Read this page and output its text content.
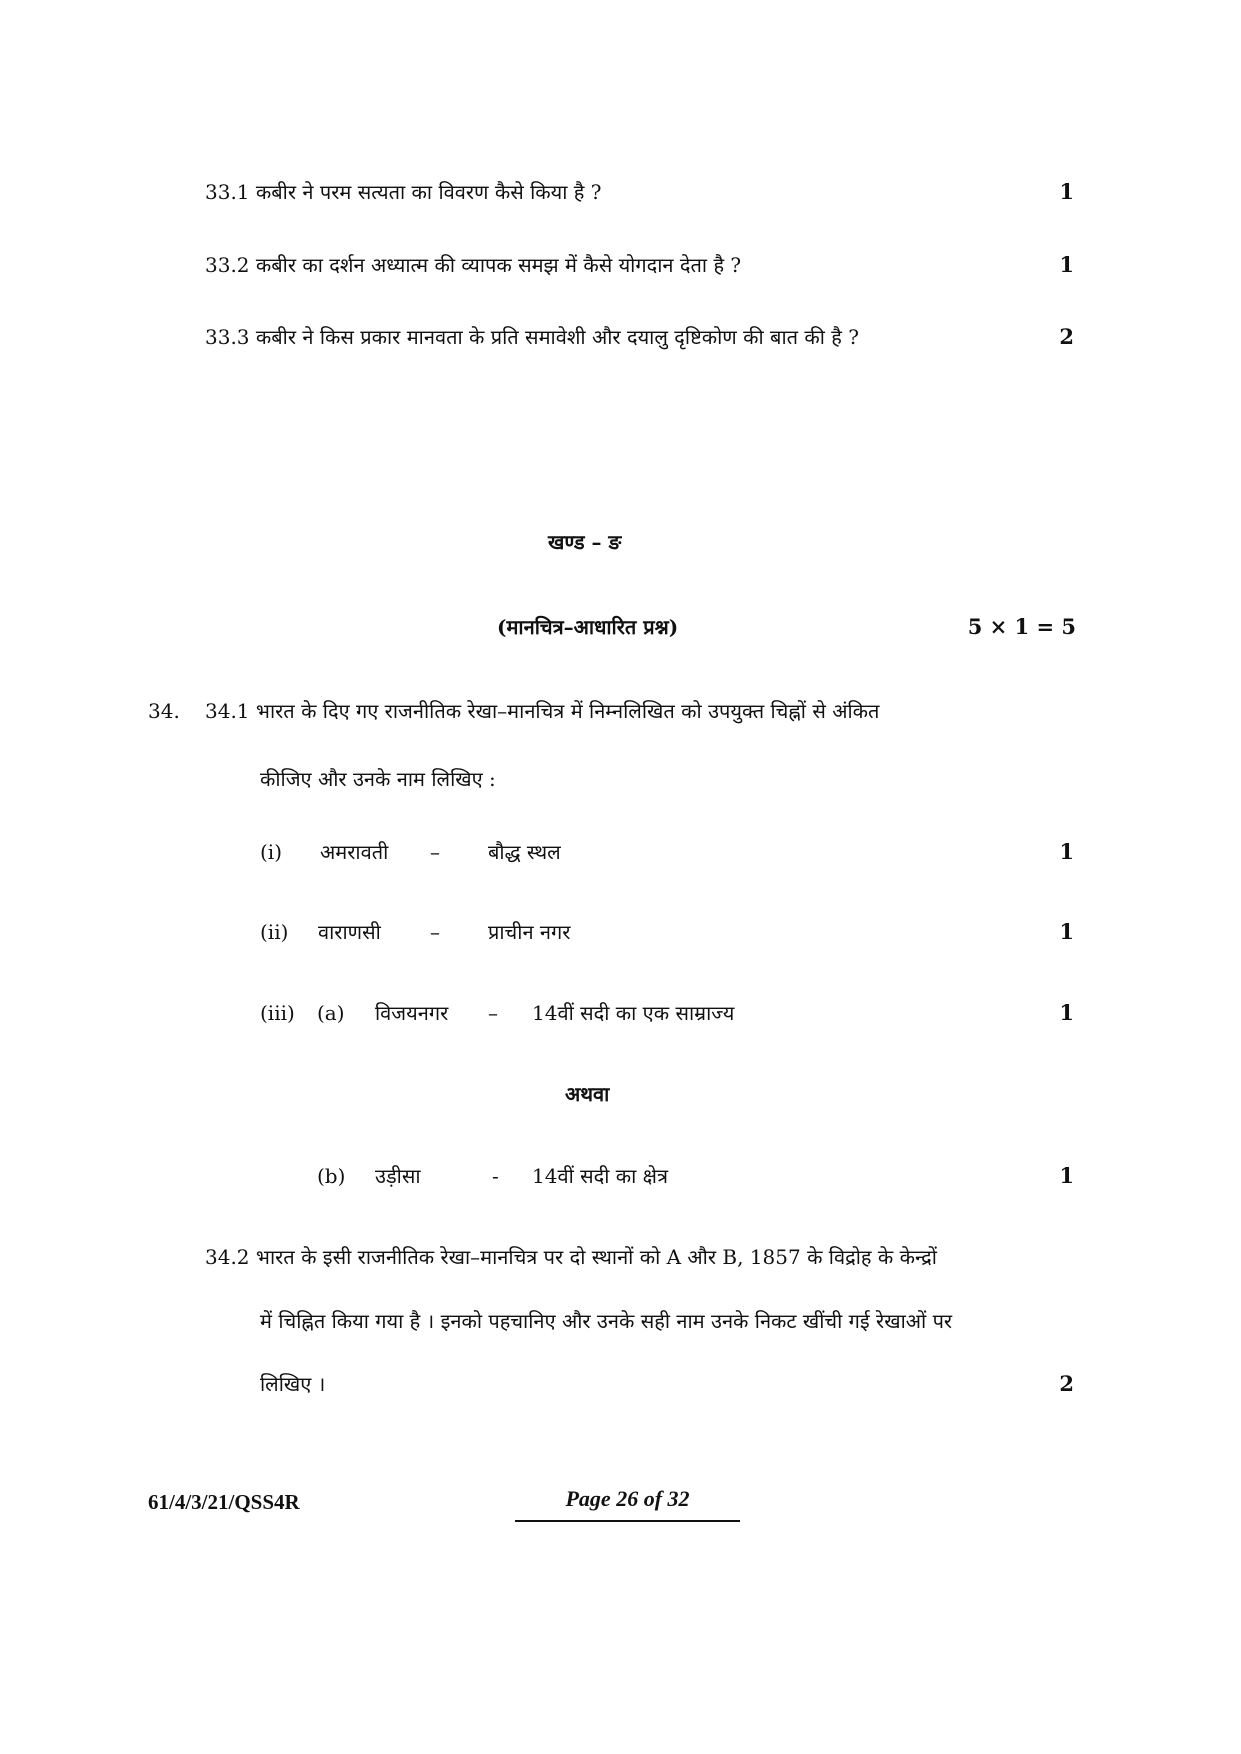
33.1 कबीर ने परम सत्यता का विवरण कैसे किया है ?	1
33.2 कबीर का दर्शन अध्यात्म की व्यापक समझ में कैसे योगदान देता है ?	1
33.3 कबीर ने किस प्रकार मानवता के प्रति समावेशी और दयालु दृष्टिकोण की बात की है ?	2
खण्ड – ङ
(मानचित्र–आधारित प्रश्न)	5 × 1 = 5
34. 34.1 भारत के दिए गए राजनीतिक रेखा–मानचित्र में निम्नलिखित को उपयुक्त चिह्नों से अंकित
कीजिए और उनके नाम लिखिए :
(i) अमरावती – बौद्ध स्थल	1
(ii) वाराणसी – प्राचीन नगर	1
(iii) (a) विजयनगर – 14वीं सदी का एक साम्राज्य	1
अथवा
(b) उड़ीसा	- 14वीं सदी का क्षेत्र	1
34.2 भारत के इसी राजनीतिक रेखा–मानचित्र पर दो स्थानों को A और B, 1857 के विद्रोह के केन्द्रों
में चिह्नित किया गया है । इनको पहचानिए और उनके सही नाम उनके निकट खींची गई रेखाओं पर
लिखिए ।	2
61/4/3/21/QSS4R	Page 26 of 32
